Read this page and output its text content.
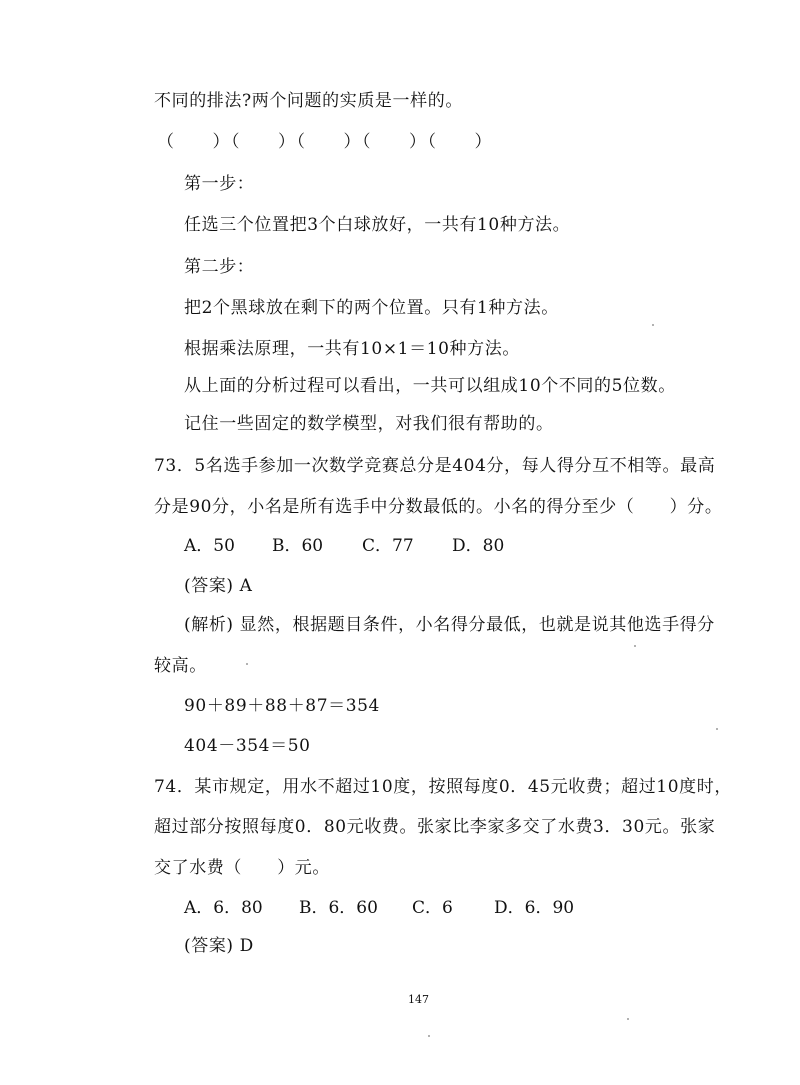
不同的排法?两个问题的实质是一样的。
（　　）（　　）（　　）（　　）（　　）
第一步：
任选三个位置把3个白球放好，一共有10种方法。
第二步：
把2个黑球放在剩下的两个位置。只有1种方法。
根据乘法原理，一共有10×1＝10种方法。
从上面的分析过程可以看出，一共可以组成10个不同的5位数。
记住一些固定的数学模型，对我们很有帮助的。
73．5名选手参加一次数学竞赛总分是404分，每人得分互不相等。最高
分是90分，小名是所有选手中分数最低的。小名的得分至少（　　）分。
A．50 B．60 C．77 D．80
(答案) A
(解析) 显然，根据题目条件，小名得分最低，也就是说其他选手得分
较高。
90＋89＋88＋87＝354
404－354＝50
74．某市规定，用水不超过10度，按照每度0．45元收费；超过10度时，
超过部分按照每度0．80元收费。张家比李家多交了水费3．30元。张家
交了水费（　　）元。
A．6．80 B．6．60 C．6 D．6．90
(答案) D
147
